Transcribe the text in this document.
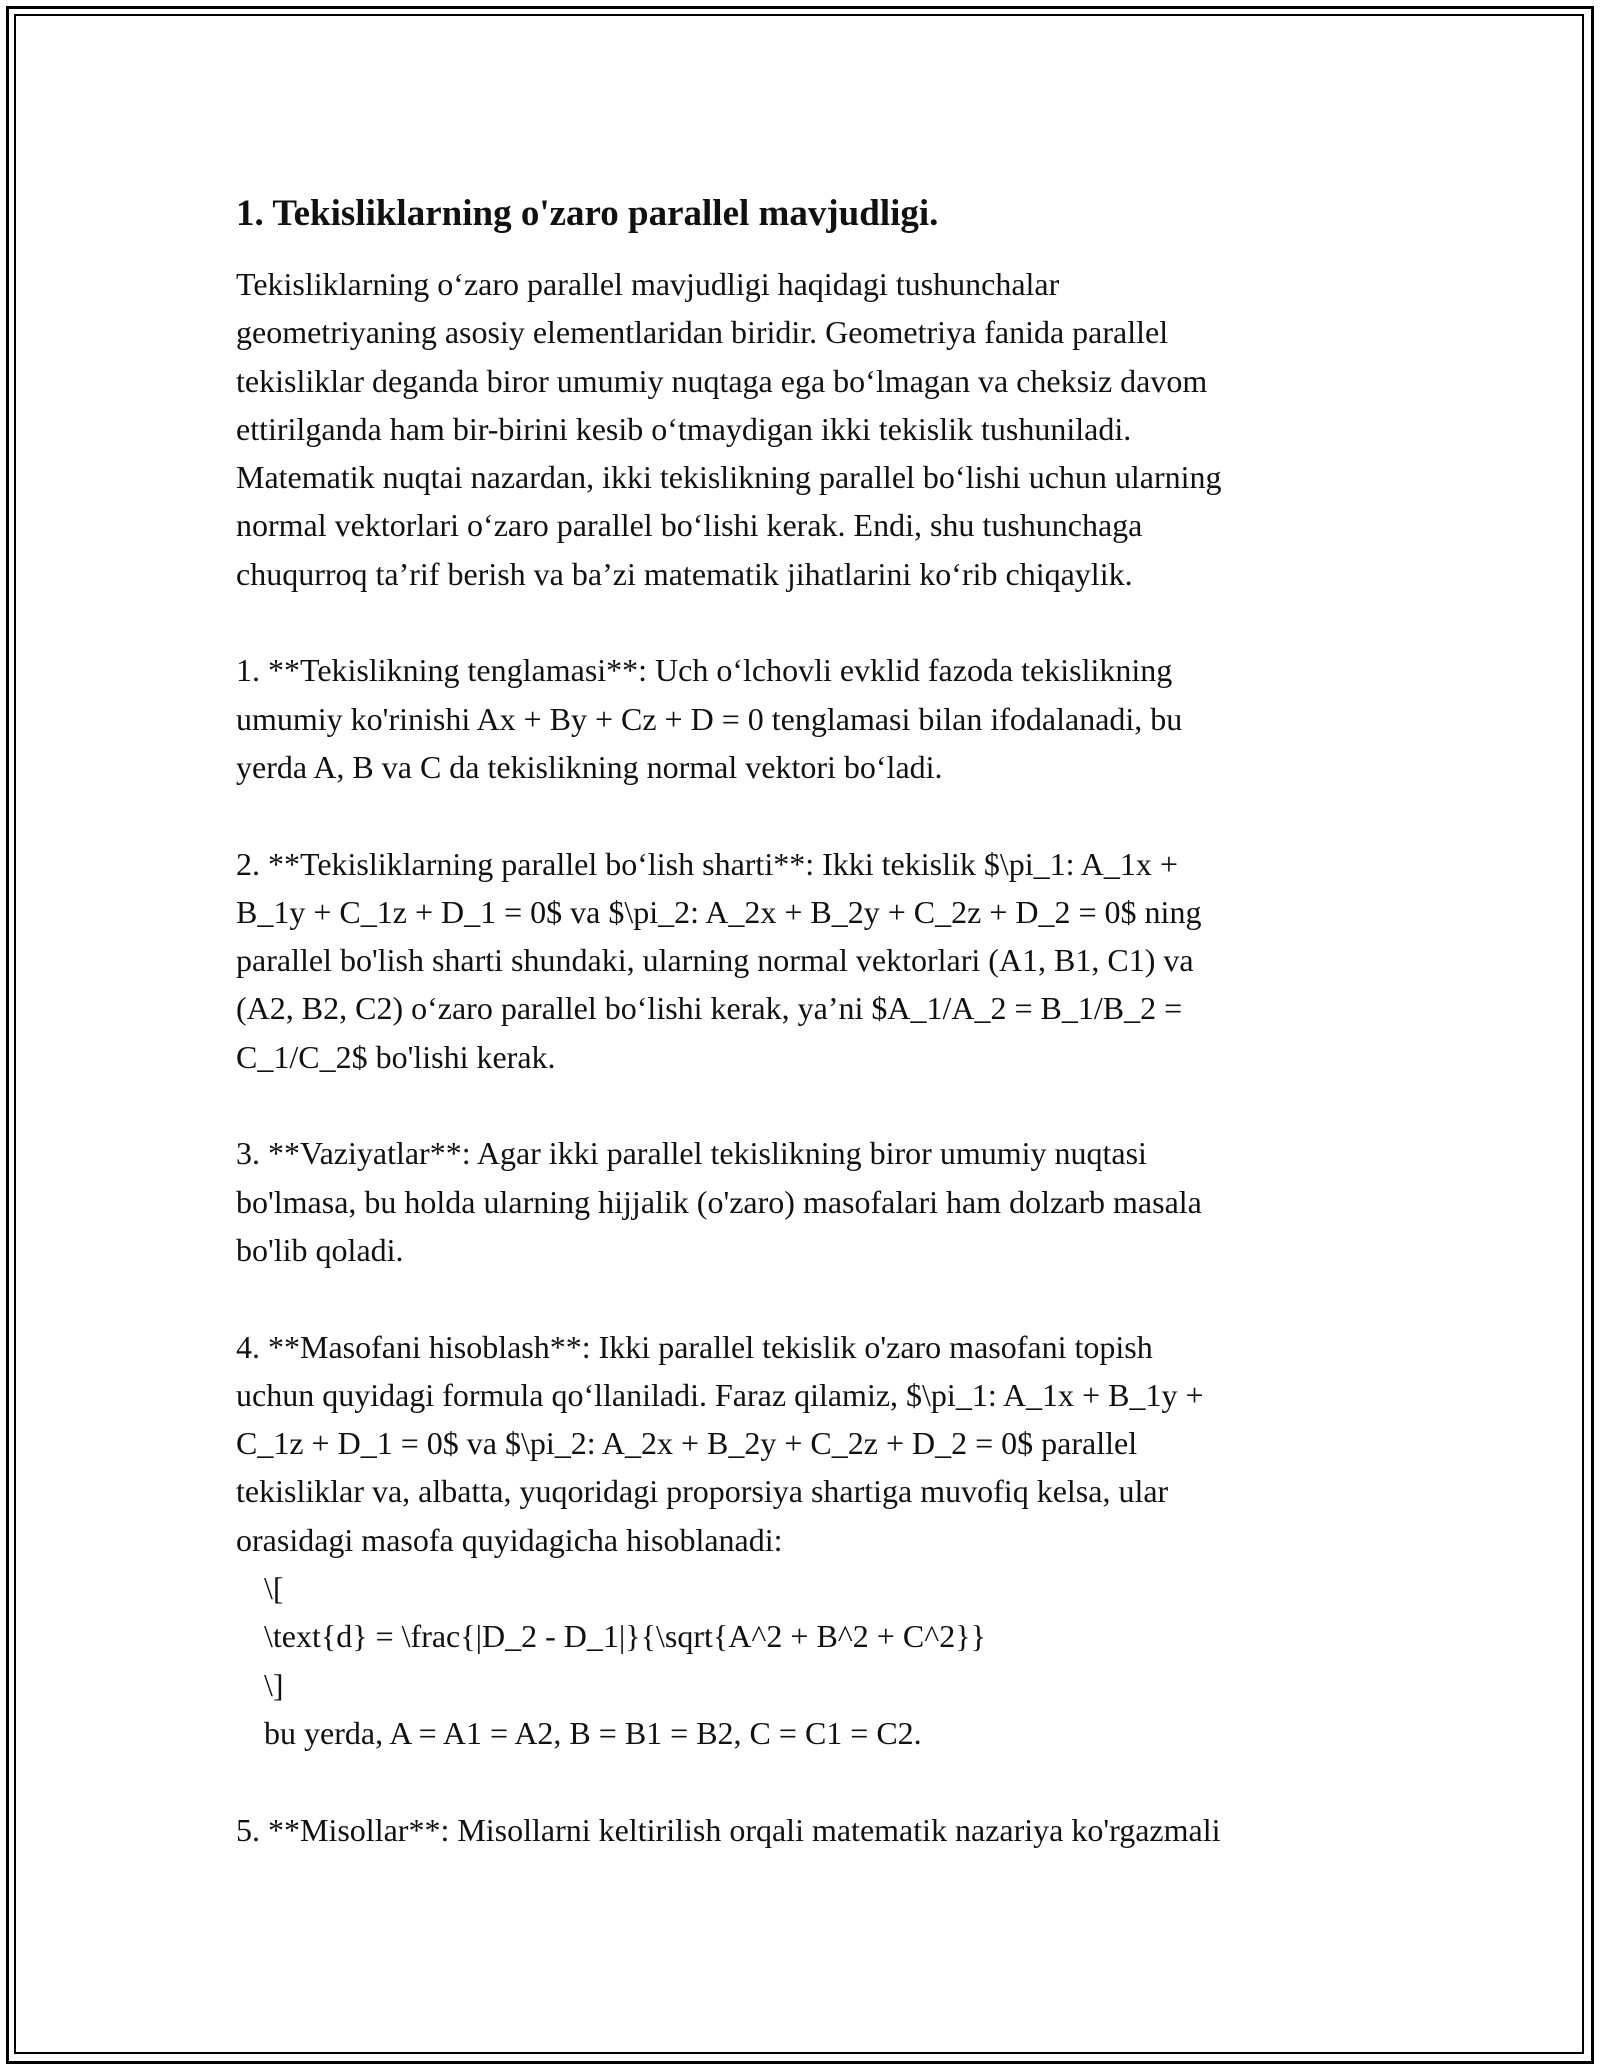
1. Tekisliklarning o'zaro parallel mavjudligi.
Tekisliklarning o‘zaro parallel mavjudligi haqidagi tushunchalar
geometriyaning asosiy elementlaridan biridir. Geometriya fanida parallel
tekisliklar deganda biror umumiy nuqtaga ega bo‘lmagan va cheksiz davom
ettirilganda ham bir-birini kesib o‘tmaydigan ikki tekislik tushuniladi.
Matematik nuqtai nazardan, ikki tekislikning parallel bo‘lishi uchun ularning
normal vektorlari o‘zaro parallel bo‘lishi kerak. Endi, shu tushunchaga
chuqurroq ta’rif berish va ba’zi matematik jihatlarini ko‘rib chiqaylik.
1. **Tekislikning tenglamasi**: Uch o‘lchovli evklid fazoda tekislikning
umumiy ko'rinishi Ax + By + Cz + D = 0 tenglamasi bilan ifodalanadi, bu
yerda A, B va C da tekislikning normal vektori bo‘ladi.
2. **Tekisliklarning parallel bo‘lish sharti**: Ikki tekislik $\pi_1: A_1x +
B_1y + C_1z + D_1 = 0$ va $\pi_2: A_2x + B_2y + C_2z + D_2 = 0$ ning
parallel bo'lish sharti shundaki, ularning normal vektorlari (A1, B1, C1) va
(A2, B2, C2) o‘zaro parallel bo‘lishi kerak, ya’ni $A_1/A_2 = B_1/B_2 =
C_1/C_2$ bo'lishi kerak.
3. **Vaziyatlar**: Agar ikki parallel tekislikning biror umumiy nuqtasi
bo'lmasa, bu holda ularning hijjalik (o'zaro) masofalari ham dolzarb masala
bo'lib qoladi.
4. **Masofani hisoblash**: Ikki parallel tekislik o'zaro masofani topish
uchun quyidagi formula qo‘llaniladi. Faraz qilamiz, $\pi_1: A_1x + B_1y +
C_1z + D_1 = 0$ va $\pi_2: A_2x + B_2y + C_2z + D_2 = 0$ parallel
tekisliklar va, albatta, yuqoridagi proporsiya shartiga muvofiq kelsa, ular
orasidagi masofa quyidagicha hisoblanadi:
\[
\text{d} = \frac{|D_2 - D_1|}{\sqrt{A^2 + B^2 + C^2}}
\]
bu yerda, A = A1 = A2, B = B1 = B2, C = C1 = C2.
5. **Misollar**: Misollarni keltirilish orqali matematik nazariya ko'rgazmali
